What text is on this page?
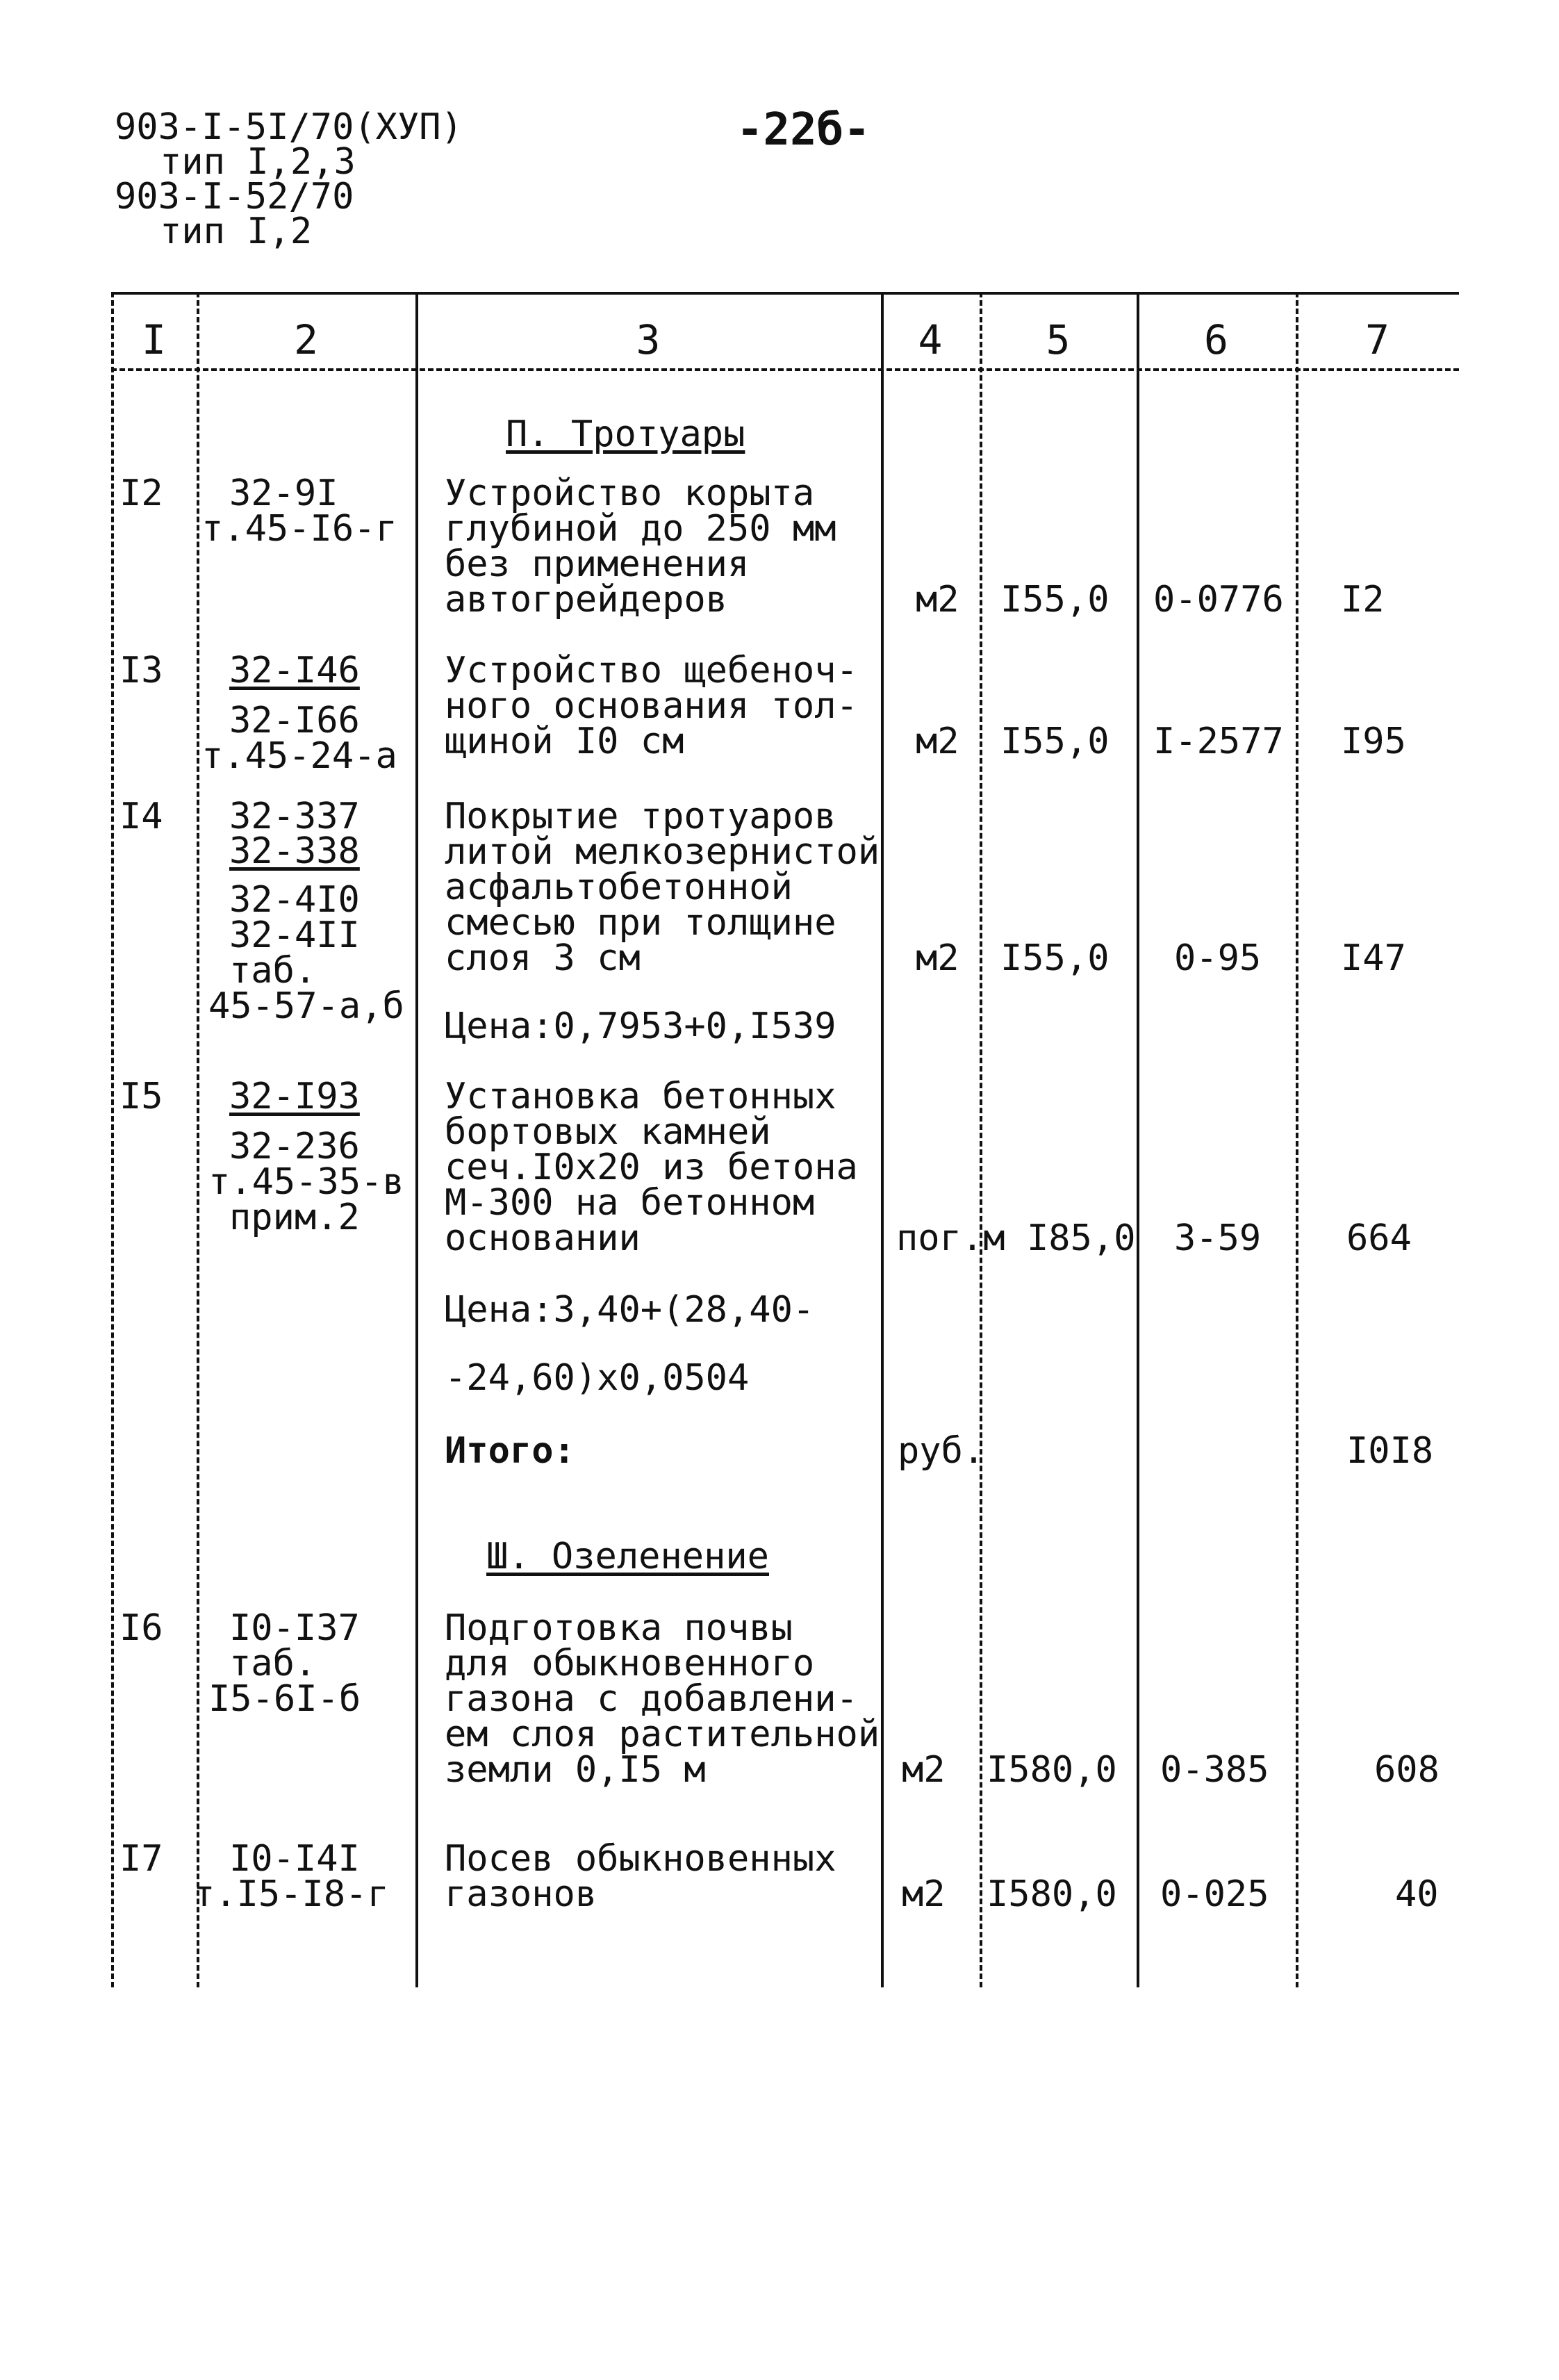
903-I-5I/70(XУП)
тип I,2,3
903-I-52/70
тип I,2
-22б-
I	2	3	4	5	6	7
П. Тротуары
I2 32-9I
т.45-I6-г
Устройство корыта
глубиной до 250 мм
без применения
автогрейдеров	м2 I55,0 0-0776 I2
I3 32-I46
32-I66
т.45-24-а
Устройство щебеноч-
ного основания тол-
щиной I0 см	м2 I55,0 I-2577 I95
I4 32-337
32-338
32-4I0
32-4II
таб.
45-57-а,б
Покрытие тротуаров
литой мелкозернистой
асфальтобетонной
смесью при толщине
слоя 3 см
Цена:0,7953+0,I539
м2 I55,0 0-95 I47
I5 32-I93
32-236
т.45-35-в
прим.2
Установка бетонных
бортовых камней
сеч.I0х20 из бетона
М-300 на бетонном
основании
Цена:3,40+(28,40-
-24,60)х0,0504
пог.м I85,0 3-59 664
Итого:	руб.	I0I8
Ш. Озеленение
I6 I0-I37
таб.
I5-6I-б
Подготовка почвы
для обыкновенного
газона с добавлени-
ем слоя растительной
земли 0,I5 м	м2 I580,0 0-385	608
I7 I0-I4I
т.I5-I8-г
Посев обыкновенных
газонов	м2 I580,0 0-025	40
